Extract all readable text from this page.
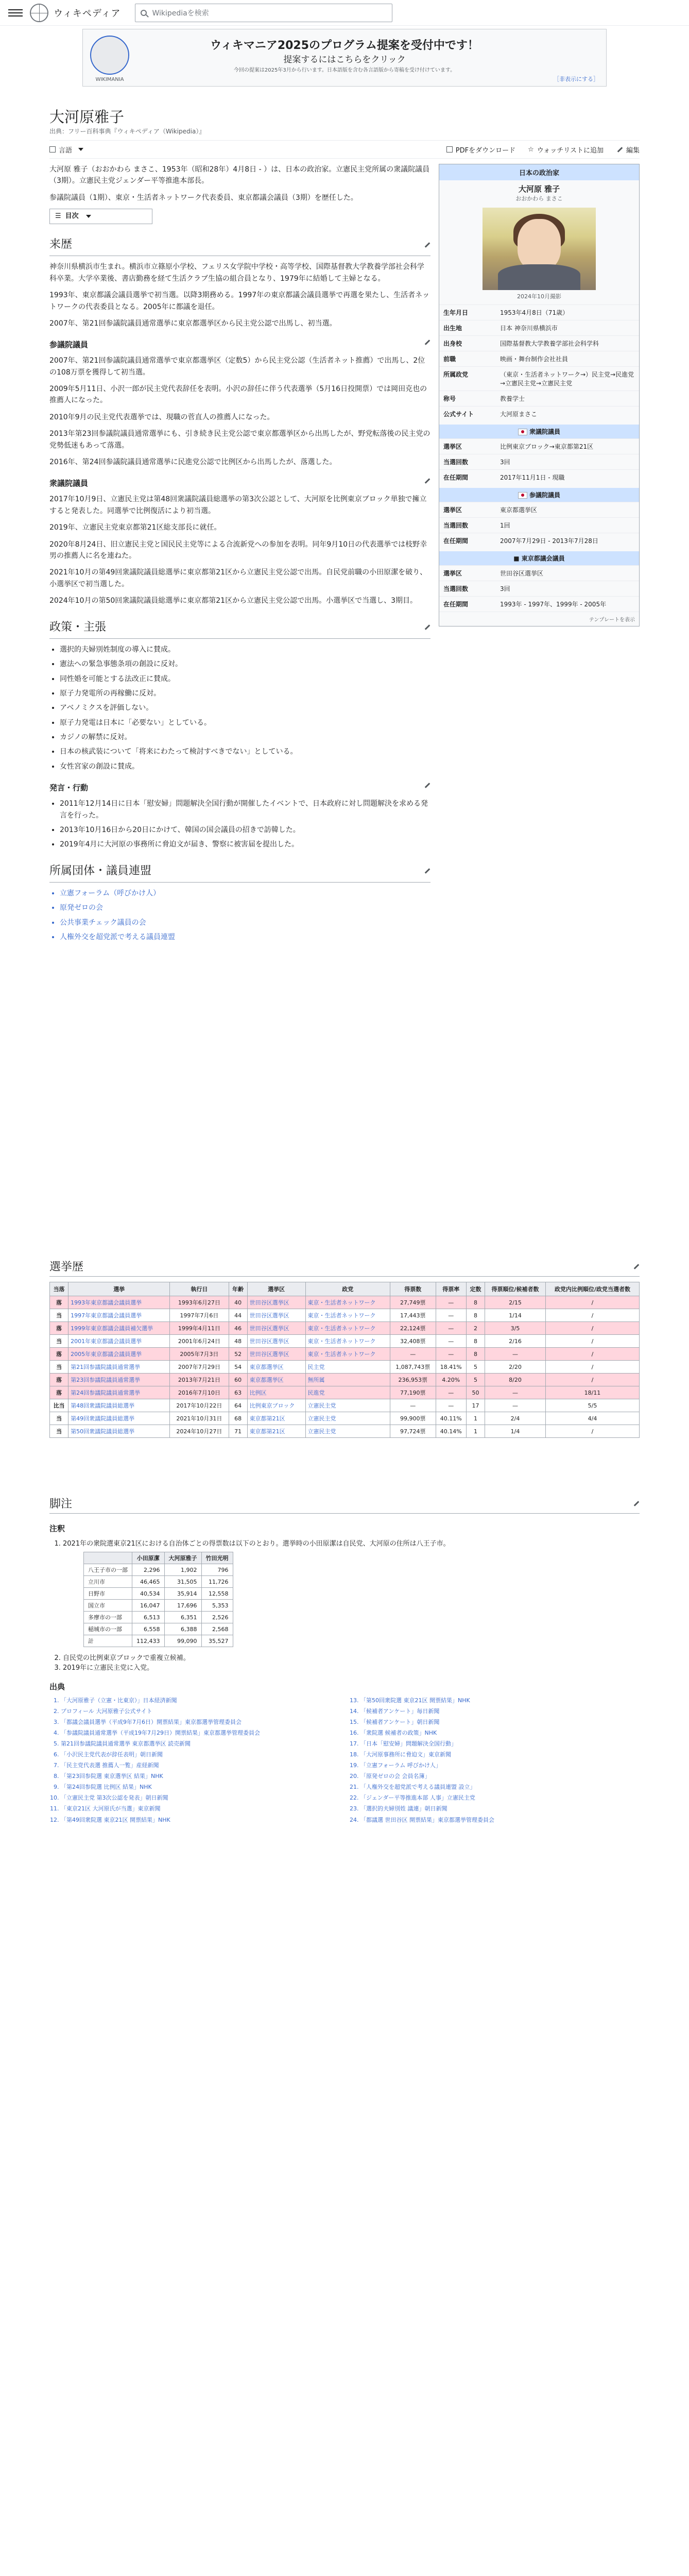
ウィキペディア	Wikipediaを検索
WIKIMANIA
ウィキマニア2025のプログラム提案を受付中です！
提案するにはこちらをクリック
今回の提案は2025年3月から行います。日本語版を含む各言語版から寄稿を受け付けています。
［非表示にする］
大河原雅子
出典：フリー百科事典『ウィキペディア（Wikipedia）』
言語	PDFをダウンロード ☆ ウォッチリストに追加	編集

大河原 雅子（おおかわら まさこ、1953年（昭和28年）4月8日 - ）は、日本の政治家。立憲民主党所属の衆議院議員（3期）。立憲民主党ジェンダー平等推進本部長。

参議院議員（1期）、東京・生活者ネットワーク代表委員、東京都議会議員（3期）を歴任した。

☰ 目次
来歴

神奈川県横浜市生まれ。横浜市立篠原小学校、フェリス女学院中学校・高等学校、国際基督教大学教養学部社会科学科卒業。大学卒業後、書店勤務を経て生活クラブ生協の組合員となり、1979年に結婚して主婦となる。

1993年、東京都議会議員選挙で初当選。以降3期務める。1997年の東京都議会議員選挙で再選を果たし、生活者ネットワークの代表委員となる。2005年に都議を退任。

2007年、第21回参議院議員通常選挙に東京都選挙区から民主党公認で出馬し、初当選。

参議院議員

2007年、第21回参議院議員通常選挙で東京都選挙区（定数5）から民主党公認（生活者ネット推薦）で出馬し、2位の108万票を獲得して初当選。

2009年5月11日、小沢一郎が民主党代表辞任を表明。小沢の辞任に伴う代表選挙（5月16日投開票）では岡田克也の推薦人になった。

2010年9月の民主党代表選挙では、現職の菅直人の推薦人になった。

2013年第23回参議院議員通常選挙にも、引き続き民主党公認で東京都選挙区から出馬したが、野党転落後の民主党の党勢低迷もあって落選。

2016年、第24回参議院議員通常選挙に民進党公認で比例区から出馬したが、落選した。

衆議院議員

2017年10月9日、立憲民主党は第48回衆議院議員総選挙の第3次公認として、大河原を比例東京ブロック単独で擁立すると発表した。同選挙で比例復活により初当選。

2019年、立憲民主党東京都第21区総支部長に就任。

2020年8月24日、旧立憲民主党と国民民主党等による合流新党への参加を表明。同年9月10日の代表選挙では枝野幸男の推薦人に名を連ねた。

2021年10月の第49回衆議院議員総選挙に東京都第21区から立憲民主党公認で出馬。自民党前職の小田原潔を破り、小選挙区で初当選した。

2024年10月の第50回衆議院議員総選挙に東京都第21区から立憲民主党公認で出馬。小選挙区で当選し、3期目。

政策・主張
• 選択的夫婦別姓制度の導入に賛成。
• 憲法への緊急事態条項の創設に反対。
• 同性婚を可能とする法改正に賛成。
• 原子力発電所の再稼働に反対。
• アベノミクスを評価しない。
• 原子力発電は日本に「必要ない」としている。
• カジノの解禁に反対。
• 日本の核武装について「将来にわたって検討すべきでない」としている。
• 女性宮家の創設に賛成。
発言・行動
• 2011年12月14日に日本「慰安婦」問題解決全国行動が開催したイベントで、日本政府に対し問題解決を求める発言を行った。
• 2013年10月16日から20日にかけて、韓国の国会議員の招きで訪韓した。
• 2019年4月に大河原の事務所に脅迫文が届き、警察に被害届を提出した。
所属団体・議員連盟
• 立憲フォーラム（呼びかけ人）
• 原発ゼロの会
• 公共事業チェック議員の会
• 人権外交を超党派で考える議員連盟
日本の政治家
大河原 雅子
おおかわら まさこ
2024年10月撮影
生年月日	1953年4月8日（71歳）
出生地	日本 神奈川県横浜市
出身校	国際基督教大学教養学部社会科学科
前職	映画・舞台制作会社社員
所属政党	（東京・生活者ネットワーク→）民主党→民進党→立憲民主党→立憲民主党
称号	教養学士
公式サイト	大河原まさこ
衆議院議員
選挙区	比例東京ブロック→東京都第21区
当選回数	3回
在任期間	2017年11月1日 - 現職
参議院議員
選挙区	東京都選挙区
当選回数	1回
在任期間	2007年7月29日 - 2013年7月28日
■ 東京都議会議員
選挙区	世田谷区選挙区
当選回数	3回
在任期間	1993年 - 1997年、1999年 - 2005年
テンプレートを表示
選挙歴
当落	選挙	執行日	年齢	選挙区	政党	得票数	得票率	定数	得票順位/候補者数	政党内比例順位/政党当選者数
落	1993年東京都議会議員選挙	1993年6月27日	40	世田谷区選挙区	東京・生活者ネットワーク	27,749票	—	8	2/15	/
当	1997年東京都議会議員選挙	1997年7月6日	44	世田谷区選挙区	東京・生活者ネットワーク	17,443票	—	8	1/14	/
落	1999年東京都議会議員補欠選挙	1999年4月11日	46	世田谷区選挙区	東京・生活者ネットワーク	22,124票	—	2	3/5	/
当	2001年東京都議会議員選挙	2001年6月24日	48	世田谷区選挙区	東京・生活者ネットワーク	32,408票	—	8	2/16	/
落	2005年東京都議会議員選挙	2005年7月3日	52	世田谷区選挙区	東京・生活者ネットワーク	—	—	8	—	/
当	第21回参議院議員通常選挙	2007年7月29日	54	東京都選挙区	民主党	1,087,743票	18.41%	5	2/20	/
落	第23回参議院議員通常選挙	2013年7月21日	60	東京都選挙区	無所属	236,953票	4.20%	5	8/20	/
落	第24回参議院議員通常選挙	2016年7月10日	63	比例区	民進党	77,190票	—	50	—	18/11
比当	第48回衆議院議員総選挙	2017年10月22日	64	比例東京ブロック	立憲民主党	—	—	17	—	5/5
当	第49回衆議院議員総選挙	2021年10月31日	68	東京都第21区	立憲民主党	99,900票	40.11%	1	2/4	4/4
当	第50回衆議院議員総選挙	2024年10月27日	71	東京都第21区	立憲民主党	97,724票	40.14%	1	1/4	/
脚注
注釈
1. 2021年の衆院選東京21区における自治体ごとの得票数は以下のとおり。選挙時の小田原潔は自民党、大河原の住所は八王子市。
	小田原潔	大河原雅子	竹田光明
八王子市の一部	2,296	1,902	796
立川市	46,465	31,505	11,726
日野市	40,534	35,914	12,558
国立市	16,047	17,696	5,353
多摩市の一部	6,513	6,351	2,526
稲城市の一部	6,558	6,388	2,568
計	112,433	99,090	35,527
2. 自民党の比例東京ブロックで重複立候補。
3. 2019年に立憲民主党に入党。
出典
1. 「大河原雅子（立憲・比東京）」日本経済新聞
2. プロフィール 大河原雅子公式サイト
3. 「都議会議員選挙（平成9年7月6日）開票結果」東京都選挙管理委員会
4. 「参議院議員通常選挙（平成19年7月29日）開票結果」東京都選挙管理委員会
5. 第21回参議院議員通常選挙 東京都選挙区 読売新聞
6. 「小沢民主党代表が辞任表明」朝日新聞
7. 「民主党代表選 推薦人一覧」産経新聞
8. 「第23回参院選 東京選挙区 結果」NHK
9. 「第24回参院選 比例区 結果」NHK
10. 「立憲民主党 第3次公認を発表」朝日新聞
11. 「東京21区 大河原氏が当選」東京新聞
12. 「第49回衆院選 東京21区 開票結果」NHK
13. 「第50回衆院選 東京21区 開票結果」NHK
14. 「候補者アンケート」毎日新聞
15. 「候補者アンケート」朝日新聞
16. 「衆院選 候補者の政策」NHK
17. 「日本「慰安婦」問題解決全国行動」
18. 「大河原事務所に脅迫文」東京新聞
19. 「立憲フォーラム 呼びかけ人」
20. 「原発ゼロの会 会員名簿」
21. 「人権外交を超党派で考える議員連盟 設立」
22. 「ジェンダー平等推進本部 人事」立憲民主党
23. 「選択的夫婦別姓 議連」朝日新聞
24. 「都議選 世田谷区 開票結果」東京都選挙管理委員会
